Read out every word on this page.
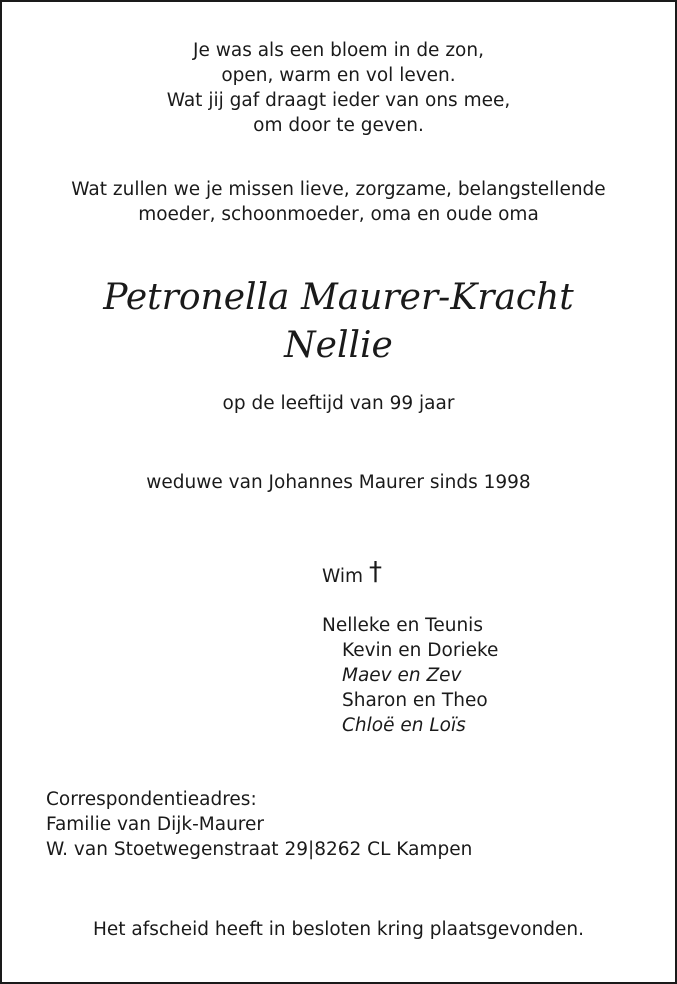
Je was als een bloem in de zon,
open, warm en vol leven.
Wat jij gaf draagt ieder van ons mee,
om door te geven.
Wat zullen we je missen lieve, zorgzame, belangstellende
moeder, schoonmoeder, oma en oude oma
Petronella Maurer-Kracht
Nellie
op de leeftijd van 99 jaar
weduwe van Johannes Maurer sinds 1998
Wim †
Nelleke en Teunis
Kevin en Dorieke
Maev en Zev
Sharon en Theo
Chloë en Loïs
Correspondentieadres:
Familie van Dijk-Maurer
W. van Stoetwegenstraat 29|8262 CL Kampen
Het afscheid heeft in besloten kring plaatsgevonden.
